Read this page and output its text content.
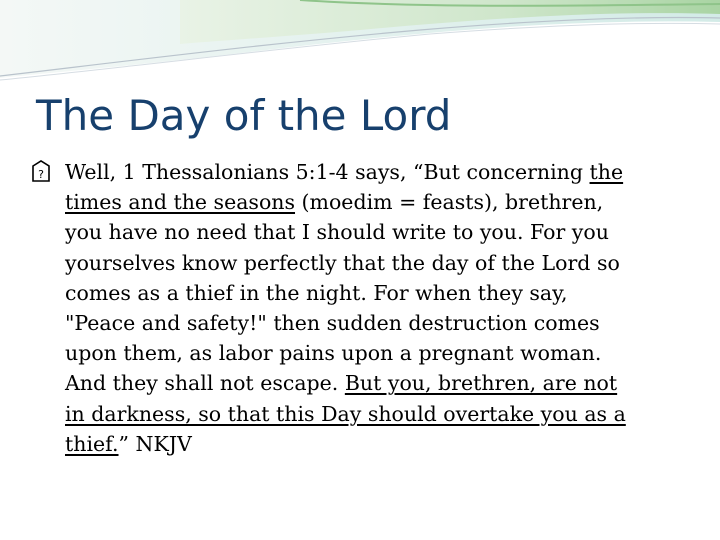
The Day of the Lord
?	Well, 1 Thessalonians 5:1-4 says, “But concerning the
times and the seasons (moedim = feasts), brethren,
you have no need that I should write to you. For you
yourselves know perfectly that the day of the Lord so
comes as a thief in the night. For when they say,
"Peace and safety!" then sudden destruction comes
upon them, as labor pains upon a pregnant woman.
And they shall not escape. But you, brethren, are not
in darkness, so that this Day should overtake you as a
thief.” NKJV
